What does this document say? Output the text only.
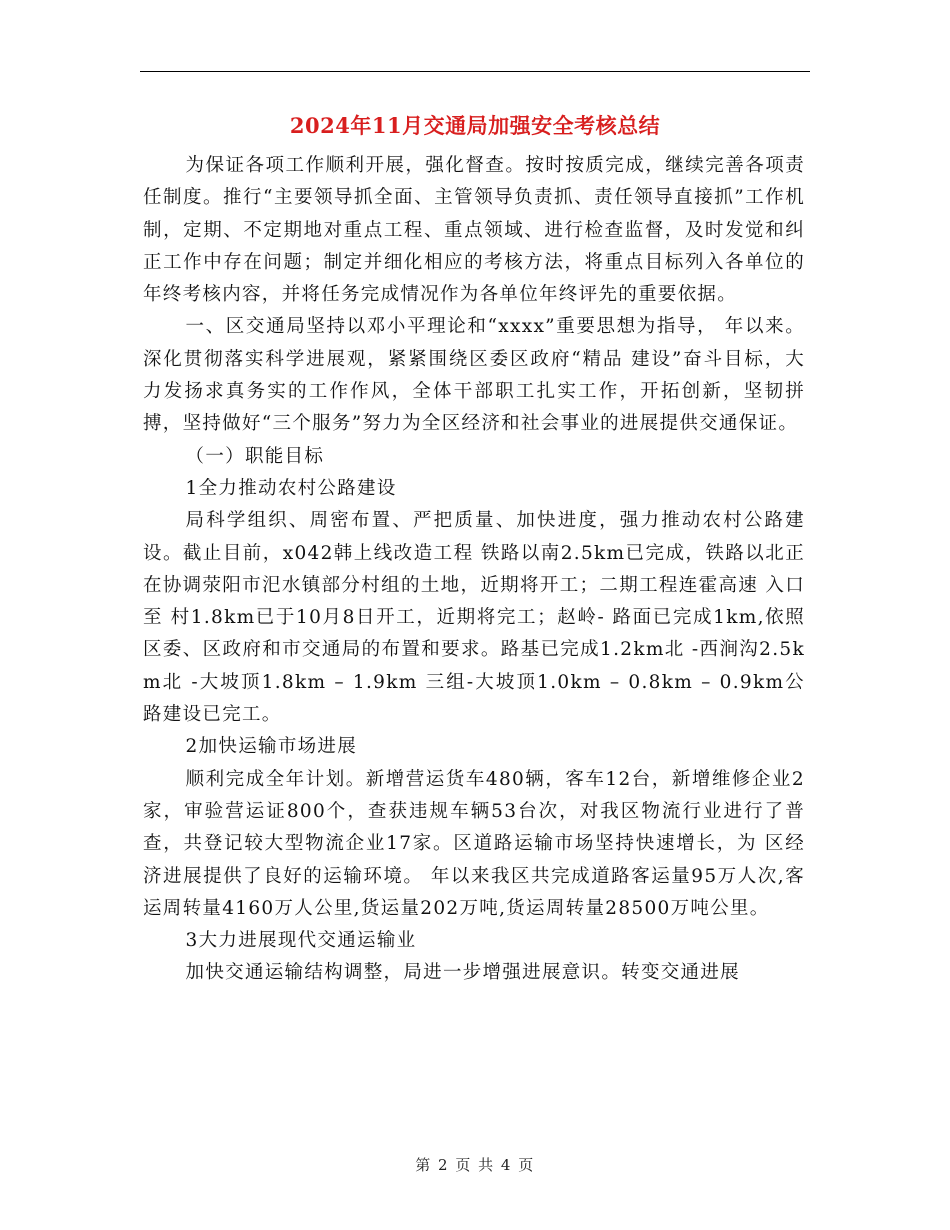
2024年11月交通局加强安全考核总结

为保证各项工作顺利开展，强化督查。按时按质完成，继续完善各项责任制度。推行“主要领导抓全面、主管领导负责抓、责任领导直接抓”工作机制，定期、不定期地对重点工程、重点领域、进行检查监督，及时发觉和纠正工作中存在问题；制定并细化相应的考核方法，将重点目标列入各单位的年终考核内容，并将任务完成情况作为各单位年终评先的重要依据。

一、区交通局坚持以邓小平理论和“xxxx”重要思想为指导， 年以来。深化贯彻落实科学进展观，紧紧围绕区委区政府“精品 建设”奋斗目标，大力发扬求真务实的工作作风，全体干部职工扎实工作，开拓创新，坚韧拼搏，坚持做好“三个服务”努力为全区经济和社会事业的进展提供交通保证。

（一）职能目标

1全力推动农村公路建设

局科学组织、周密布置、严把质量、加快进度，强力推动农村公路建设。截止目前，x042韩上线改造工程 铁路以南2.5km已完成，铁路以北正在协调荥阳市汜水镇部分村组的土地，近期将开工；二期工程连霍高速 入口至 村1.8km已于10月8日开工，近期将完工；赵岭- 路面已完成1km,依照区委、区政府和市交通局的布置和要求。路基已完成1.2km北 -西涧沟2.5km北 -大坡顶1.8km – 1.9km 三组-大坡顶1.0km – 0.8km – 0.9km公路建设已完工。

2加快运输市场进展

顺利完成全年计划。新增营运货车480辆，客车12台，新增维修企业2家，审验营运证800个，查获违规车辆53台次，对我区物流行业进行了普查，共登记较大型物流企业17家。区道路运输市场坚持快速增长，为 区经济进展提供了良好的运输环境。 年以来我区共完成道路客运量95万人次,客运周转量4160万人公里,货运量202万吨,货运周转量28500万吨公里。

3大力进展现代交通运输业

加快交通运输结构调整，局进一步增强进展意识。转变交通进展

第 2 页 共 4 页
